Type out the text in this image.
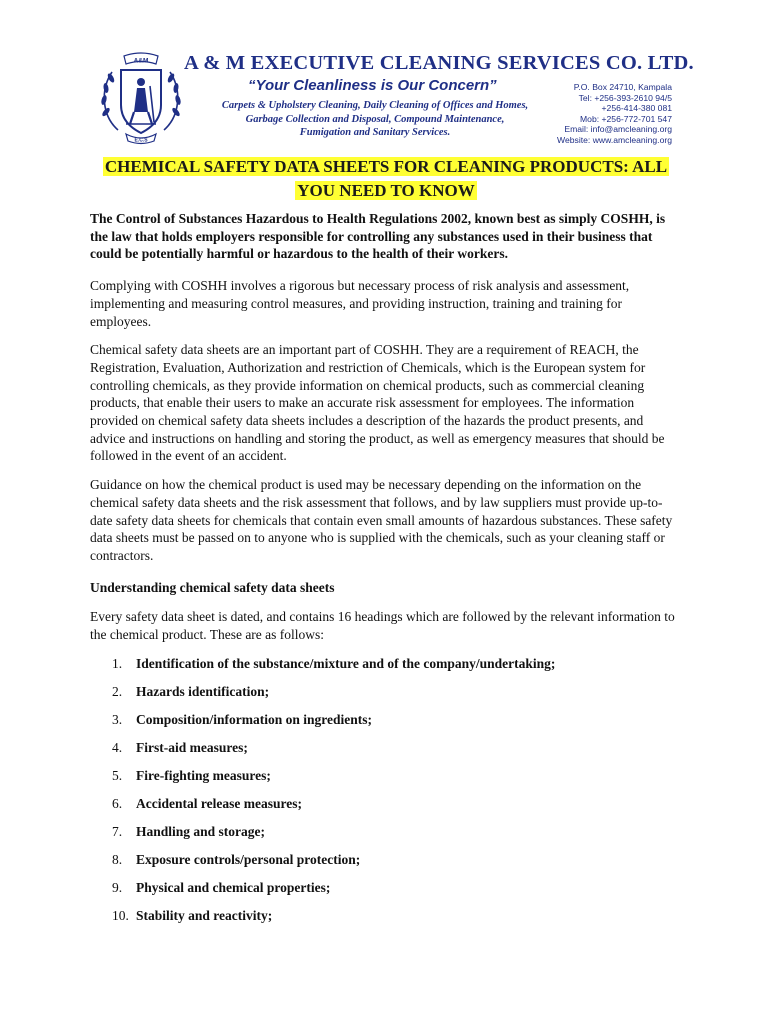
A&M
E.C.S
A & M EXECUTIVE CLEANING SERVICES CO. LTD.
“Your Cleanliness is Our Concern”
Carpets & Upholstery Cleaning, Daily Cleaning of Offices and Homes,
Garbage Collection and Disposal, Compound Maintenance,
Fumigation and Sanitary Services.
P.O. Box 24710, Kampala
Tel: +256-393-2610 94/5
+256-414-380 081
Mob: +256-772-701 547
Email: info@amcleaning.org
Website: www.amcleaning.org
CHEMICAL SAFETY DATA SHEETS FOR CLEANING PRODUCTS: ALL
YOU NEED TO KNOW

The Control of Substances Hazardous to Health Regulations 2002, known best as simply COSHH, is the law that holds employers responsible for controlling any substances used in their business that could be potentially harmful or hazardous to the health of their workers.

Complying with COSHH involves a rigorous but necessary process of risk analysis and assessment, implementing and measuring control measures, and providing instruction, training and training for employees.

Chemical safety data sheets are an important part of COSHH. They are a requirement of REACH, the Registration, Evaluation, Authorization and restriction of Chemicals, which is the European system for controlling chemicals, as they provide information on chemical products, such as commercial cleaning products, that enable their users to make an accurate risk assessment for employees. The information provided on chemical safety data sheets includes a description of the hazards the product presents, and advice and instructions on handling and storing the product, as well as emergency measures that should be followed in the event of an accident.

Guidance on how the chemical product is used may be necessary depending on the information on the chemical safety data sheets and the risk assessment that follows, and by law suppliers must provide up-to-date safety data sheets for chemicals that contain even small amounts of hazardous substances. These safety data sheets must be passed on to anyone who is supplied with the chemicals, such as your cleaning staff or contractors.

Understanding chemical safety data sheets

Every safety data sheet is dated, and contains 16 headings which are followed by the relevant information to the chemical product. These are as follows:

1.	Identification of the substance/mixture and of the company/undertaking;
2.	Hazards identification;
3.	Composition/information on ingredients;
4.	First-aid measures;
5.	Fire-fighting measures;
6.	Accidental release measures;
7.	Handling and storage;
8.	Exposure controls/personal protection;
9.	Physical and chemical properties;
10. Stability and reactivity;
